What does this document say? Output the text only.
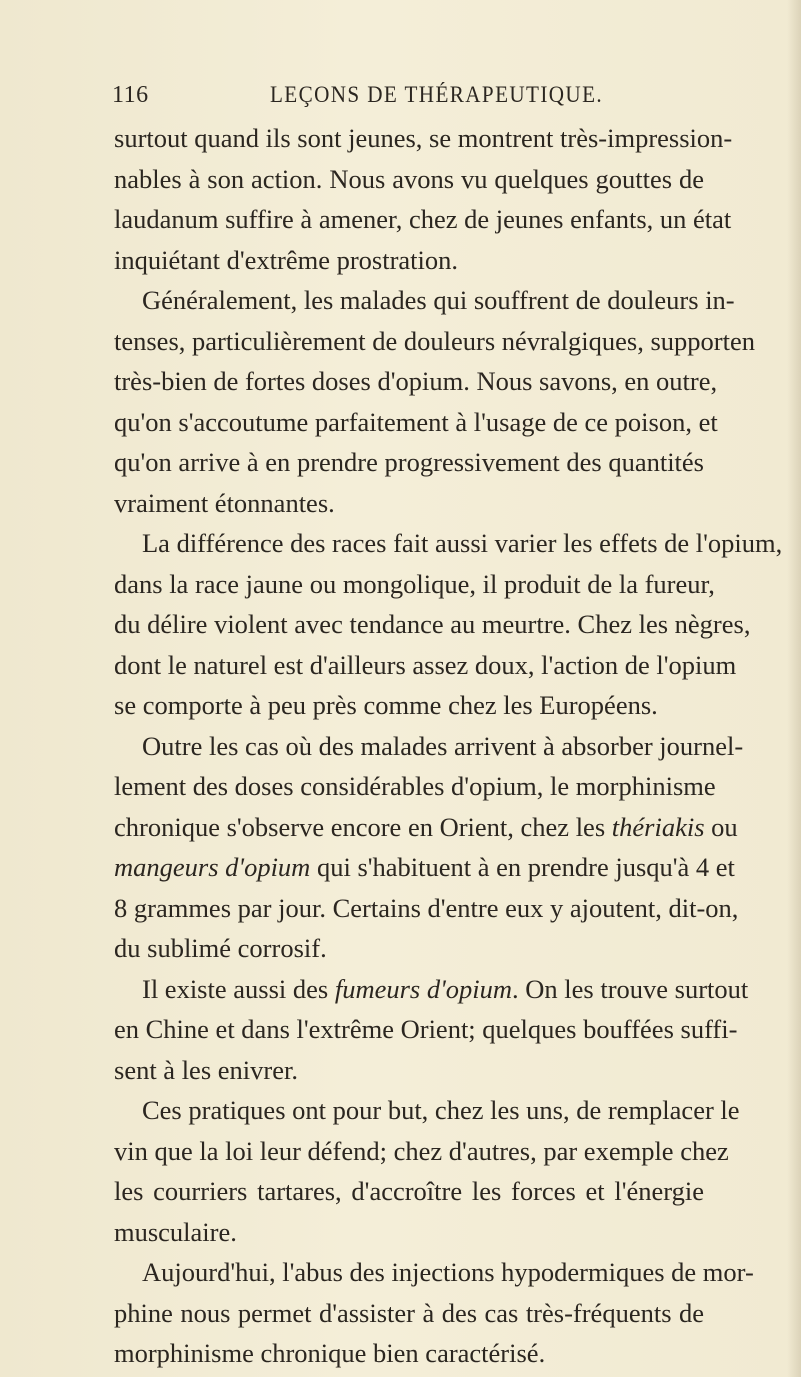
116	LEÇONS DE THÉRAPEUTIQUE.
surtout quand ils sont jeunes, se montrent très-impression-
nables à son action. Nous avons vu quelques gouttes de
laudanum suffire à amener, chez de jeunes enfants, un état
inquiétant d'extrême prostration.
Généralement, les malades qui souffrent de douleurs in-
tenses, particulièrement de douleurs névralgiques, supporten
très-bien de fortes doses d'opium. Nous savons, en outre,
qu'on s'accoutume parfaitement à l'usage de ce poison, et
qu'on arrive à en prendre progressivement des quantités
vraiment étonnantes.
La différence des races fait aussi varier les effets de l'opium,
dans la race jaune ou mongolique, il produit de la fureur,
du délire violent avec tendance au meurtre. Chez les nègres,
dont le naturel est d'ailleurs assez doux, l'action de l'opium
se comporte à peu près comme chez les Européens.
Outre les cas où des malades arrivent à absorber journel-
lement des doses considérables d'opium, le morphinisme
chronique s'observe encore en Orient, chez les thériakis ou
mangeurs d'opium qui s'habituent à en prendre jusqu'à 4 et
8 grammes par jour. Certains d'entre eux y ajoutent, dit-on,
du sublimé corrosif.
Il existe aussi des fumeurs d'opium. On les trouve surtout
en Chine et dans l'extrême Orient; quelques bouffées suffi-
sent à les enivrer.
Ces pratiques ont pour but, chez les uns, de remplacer le
vin que la loi leur défend; chez d'autres, par exemple chez
les courriers tartares, d'accroître les forces et l'énergie
musculaire.
Aujourd'hui, l'abus des injections hypodermiques de mor-
phine nous permet d'assister à des cas très-fréquents de
morphinisme chronique bien caractérisé.
